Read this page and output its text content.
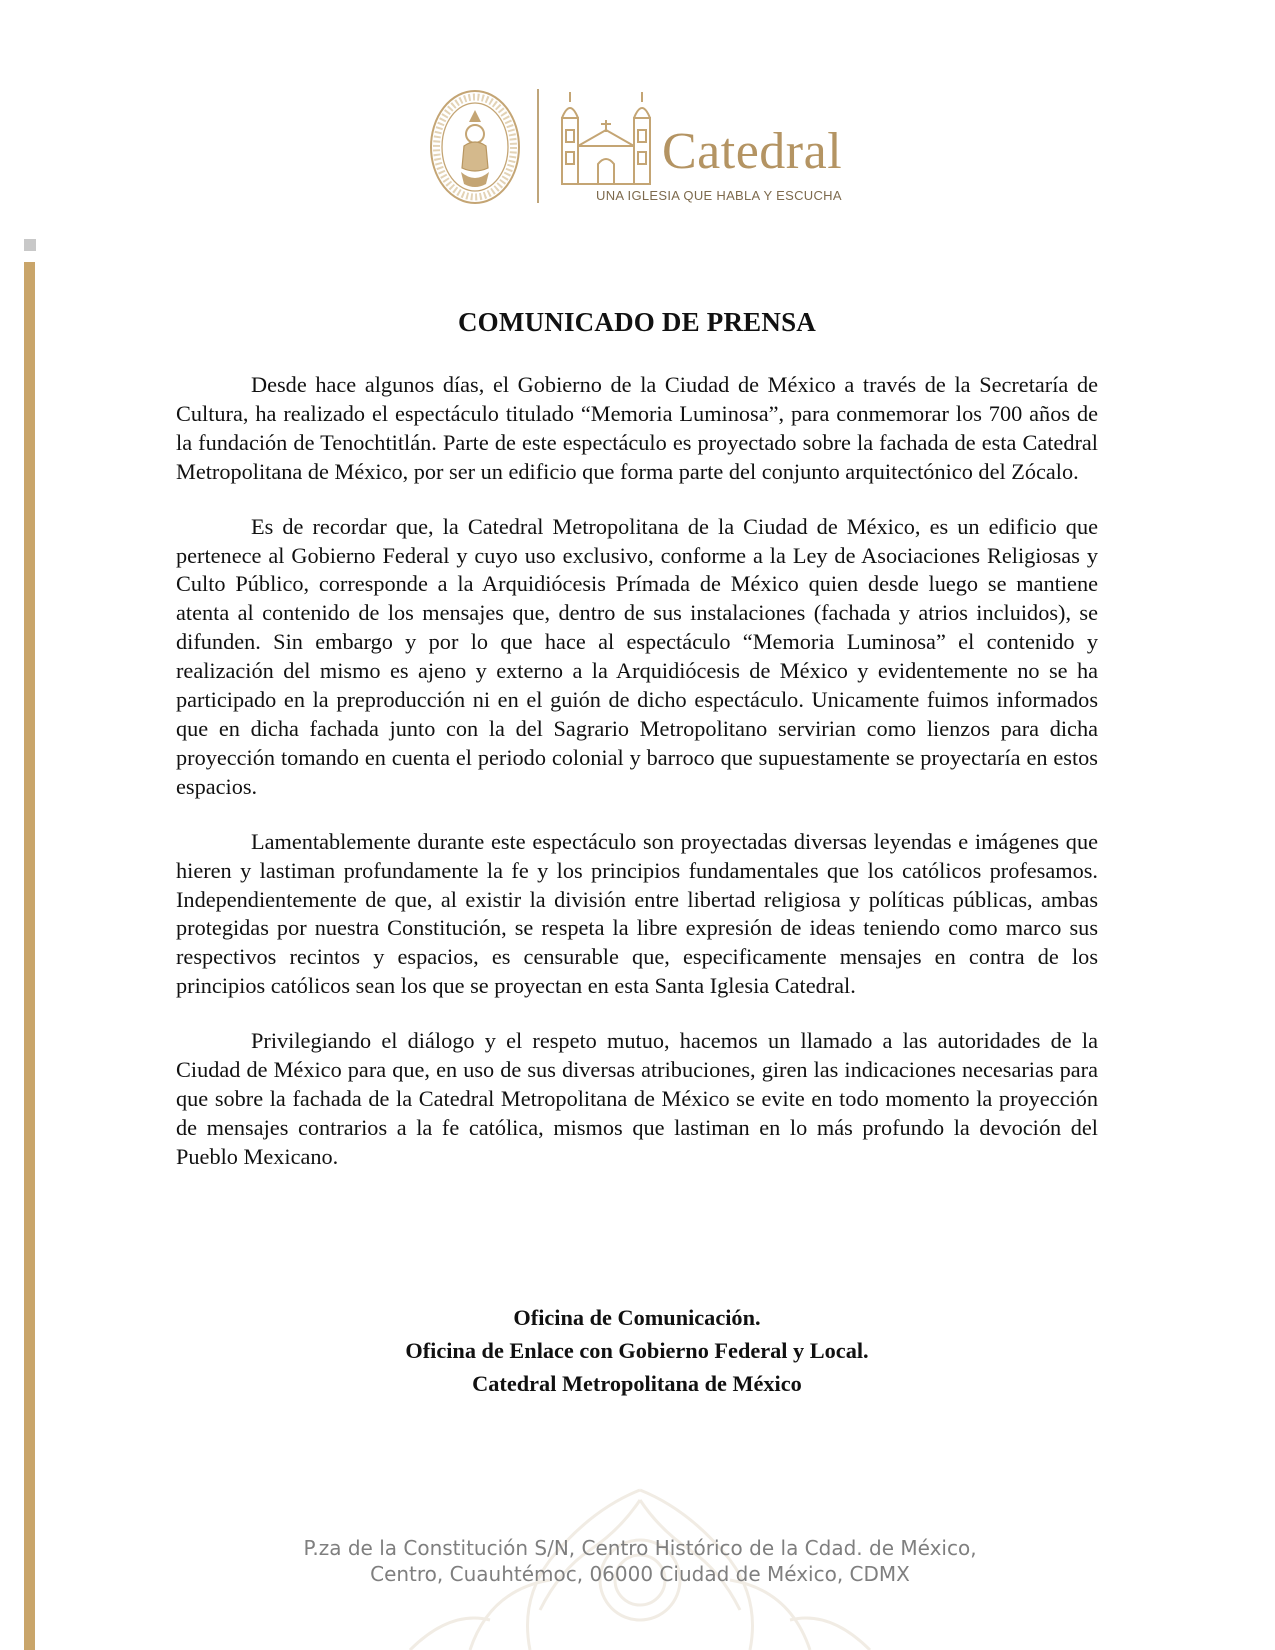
Catedral
UNA IGLESIA QUE HABLA Y ESCUCHA
COMUNICADO DE PRENSA

Desde hace algunos días, el Gobierno de la Ciudad de México a través de la Secretaría de Cultura, ha realizado el espectáculo titulado “Memoria Luminosa”, para conmemorar los 700 años de la fundación de Tenochtitlán. Parte de este espectáculo es proyectado sobre la fachada de esta Catedral Metropolitana de México, por ser un edificio que forma parte del conjunto arquitectónico del Zócalo.

Es de recordar que, la Catedral Metropolitana de la Ciudad de México, es un edificio que pertenece al Gobierno Federal y cuyo uso exclusivo, conforme a la Ley de Asociaciones Religiosas y Culto Público, corresponde a la Arquidiócesis Prímada de México quien desde luego se mantiene atenta al contenido de los mensajes que, dentro de sus instalaciones (fachada y atrios incluidos), se difunden. Sin embargo y por lo que hace al espectáculo “Memoria Luminosa” el contenido y realización del mismo es ajeno y externo a la Arquidiócesis de México y evidentemente no se ha participado en la preproducción ni en el guión de dicho espectáculo. Unicamente fuimos informados que en dicha fachada junto con la del Sagrario Metropolitano servirian como lienzos para dicha proyección tomando en cuenta el periodo colonial y barroco que supuestamente se proyectaría en estos espacios.

Lamentablemente durante este espectáculo son proyectadas diversas leyendas e imágenes que hieren y lastiman profundamente la fe y los principios fundamentales que los católicos profesamos. Independientemente de que, al existir la división entre libertad religiosa y políticas públicas, ambas protegidas por nuestra Constitución, se respeta la libre expresión de ideas teniendo como marco sus respectivos recintos y espacios, es censurable que, especificamente mensajes en contra de los principios católicos sean los que se proyectan en esta Santa Iglesia Catedral.

Privilegiando el diálogo y el respeto mutuo, hacemos un llamado a las autoridades de la Ciudad de México para que, en uso de sus diversas atribuciones, giren las indicaciones necesarias para que sobre la fachada de la Catedral Metropolitana de México se evite en todo momento la proyección de mensajes contrarios a la fe católica, mismos que lastiman en lo más profundo la devoción del Pueblo Mexicano.

Oficina de Comunicación.
Oficina de Enlace con Gobierno Federal y Local.
Catedral Metropolitana de México
P.za de la Constitución S/N, Centro Histórico de la Cdad. de México,
Centro, Cuauhtémoc, 06000 Ciudad de México, CDMX
